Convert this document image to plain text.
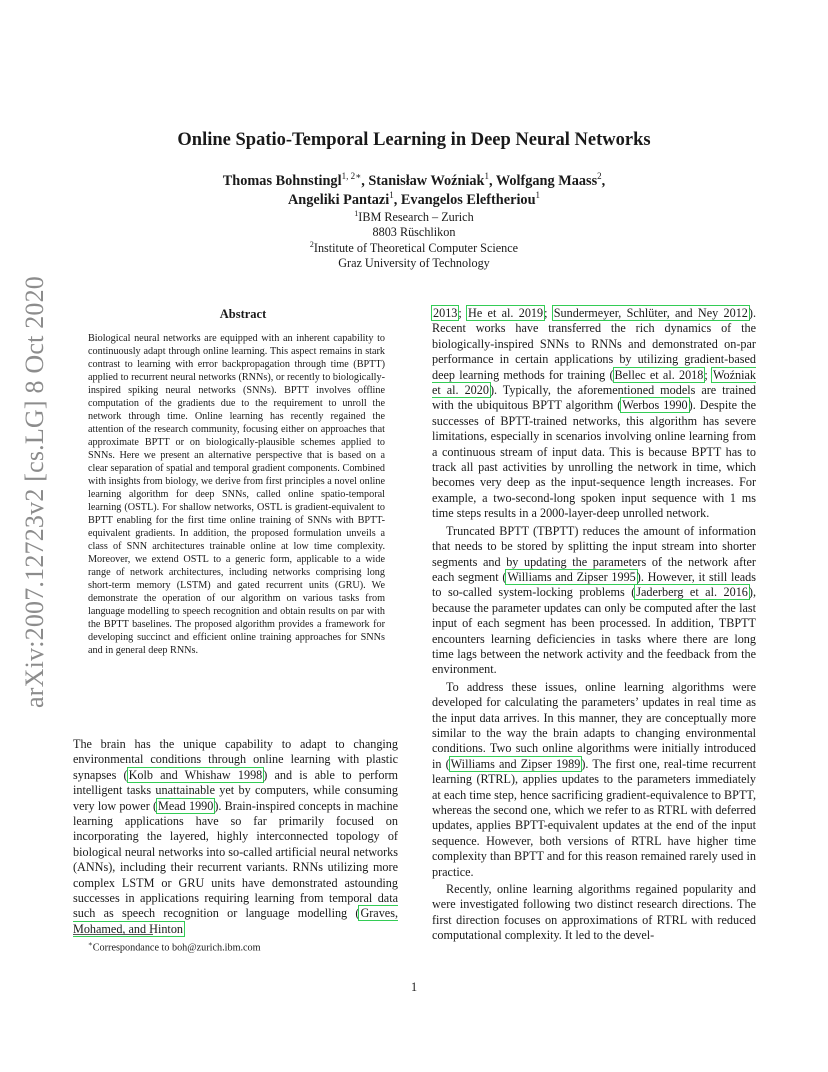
Online Spatio-Temporal Learning in Deep Neural Networks
Thomas Bohnstingl$^{1, 2∗}$, Stanisław Woźniak$^1$, Wolfgang Maass$^2$,
Angeliki Pantazi$^1$, Evangelos Eleftheriou$^1$
$^1$IBM Research – Zurich
8803 Rüschlikon
$^2$Institute of Theoretical Computer Science
Graz University of Technology
arXiv:2007.12723v2 [cs.LG] 8 Oct 2020	Abstract
Biological neural networks are equipped with an inherent capability to continuously adapt through online learning. This aspect remains in stark contrast to learning with error backpropagation through time (BPTT) applied to recurrent neural networks (RNNs), or recently to biologically-inspired spiking neural networks (SNNs). BPTT involves offline computation of the gradients due to the requirement to unroll the network through time. Online learning has recently regained the attention of the research community, focusing either on approaches that approximate BPTT or on biologically-plausible schemes applied to SNNs. Here we present an alternative perspective that is based on a clear separation of spatial and temporal gradient components. Combined with insights from biology, we derive from first principles a novel online learning algorithm for deep SNNs, called online spatio-temporal learning (OSTL). For shallow networks, OSTL is gradient-equivalent to BPTT enabling for the first time online training of SNNs with BPTT-equivalent gradients. In addition, the proposed formulation unveils a class of SNN architectures trainable online at low time complexity. Moreover, we extend OSTL to a generic form, applicable to a wide range of network architectures, including networks comprising long short-term memory (LSTM) and gated recurrent units (GRU). We demonstrate the operation of our algorithm on various tasks from language modelling to speech recognition and obtain results on par with the BPTT baselines. The proposed algorithm provides a framework for developing succinct and efficient online training approaches for SNNs and in general deep RNNs.
The brain has the unique capability to adapt to changing environmental conditions through online learning with plastic synapses (Kolb and Whishaw 1998) and is able to perform intelligent tasks unattainable yet by computers, while consuming very low power (Mead 1990). Brain-inspired concepts in machine learning applications have so far primarily focused on incorporating the layered, highly interconnected topology of biological neural networks into so-called artificial neural networks (ANNs), including their recurrent variants. RNNs utilizing more complex LSTM or GRU units have demonstrated astounding successes in applications requiring learning from temporal data such as speech recognition or language modelling (Graves, Mohamed, and Hinton

2013; He et al. 2019; Sundermeyer, Schlüter, and Ney 2012). Recent works have transferred the rich dynamics of the biologically-inspired SNNs to RNNs and demonstrated on-par performance in certain applications by utilizing gradient-based deep learning methods for training (Bellec et al. 2018; Woźniak et al. 2020). Typically, the aforementioned models are trained with the ubiquitous BPTT algorithm (Werbos 1990). Despite the successes of BPTT-trained networks, this algorithm has severe limitations, especially in scenarios involving online learning from a continuous stream of input data. This is because BPTT has to track all past activities by unrolling the network in time, which becomes very deep as the input-sequence length increases. For example, a two-second-long spoken input sequence with 1 ms time steps results in a 2000-layer-deep unrolled network.

Truncated BPTT (TBPTT) reduces the amount of information that needs to be stored by splitting the input stream into shorter segments and by updating the parameters of the network after each segment (Williams and Zipser 1995). However, it still leads to so-called system-locking problems (Jaderberg et al. 2016), because the parameter updates can only be computed after the last input of each segment has been processed. In addition, TBPTT encounters learning deficiencies in tasks where there are long time lags between the network activity and the feedback from the environment.

To address these issues, online learning algorithms were developed for calculating the parameters’ updates in real time as the input data arrives. In this manner, they are conceptually more similar to the way the brain adapts to changing environmental conditions. Two such online algorithms were initially introduced in (Williams and Zipser 1989). The first one, real-time recurrent learning (RTRL), applies updates to the parameters immediately at each time step, hence sacrificing gradient-equivalence to BPTT, whereas the second one, which we refer to as RTRL with deferred updates, applies BPTT-equivalent updates at the end of the input sequence. However, both versions of RTRL have higher time complexity than BPTT and for this reason remained rarely used in practice.

Recently, online learning algorithms regained popularity and were investigated following two distinct research directions. The first direction focuses on approximations of RTRL with reduced computational complexity. It led to the devel-

∗Correspondance to boh@zurich.ibm.com
1
